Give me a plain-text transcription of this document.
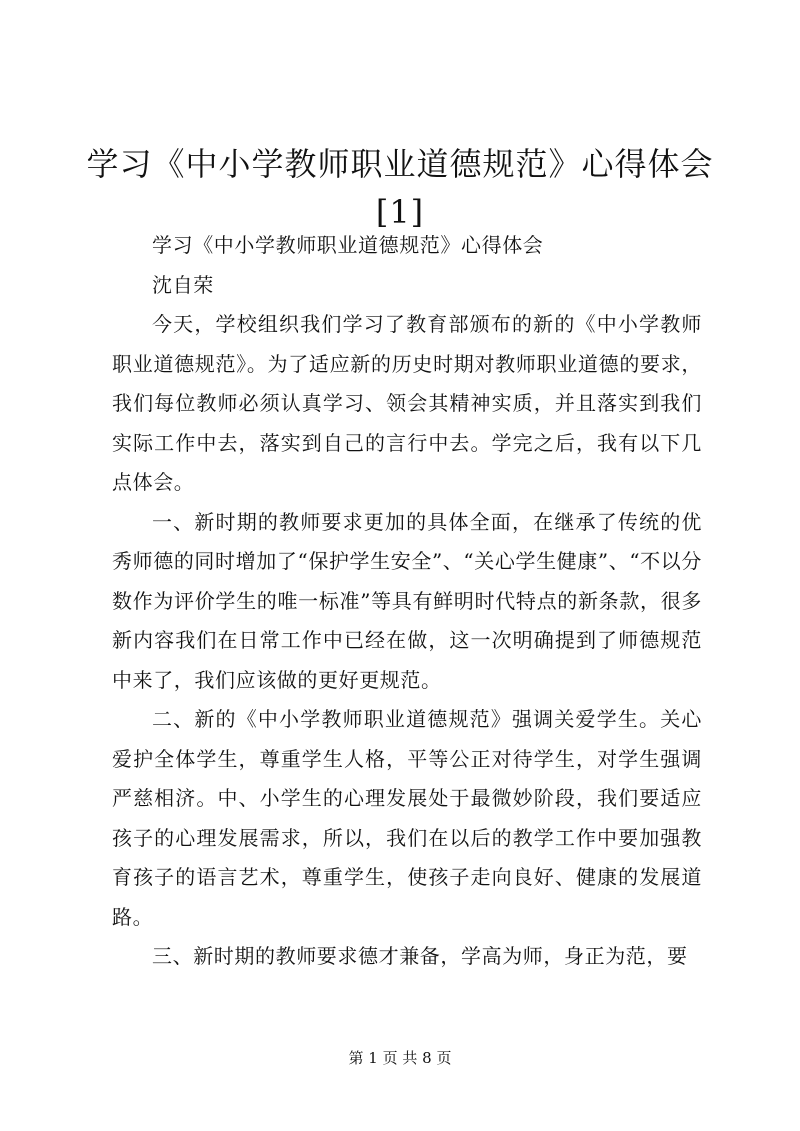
学习《中小学教师职业道德规范》心得体会
[1]

学习《中小学教师职业道德规范》心得体会

沈自荣

今天，学校组织我们学习了教育部颁布的新的《中小学教师职业道德规范》。为了适应新的历史时期对教师职业道德的要求，我们每位教师必须认真学习、领会其精神实质，并且落实到我们实际工作中去，落实到自己的言行中去。学完之后，我有以下几点体会。

一、新时期的教师要求更加的具体全面，在继承了传统的优秀师德的同时增加了“保护学生安全”、“关心学生健康”、“不以分数作为评价学生的唯一标准”等具有鲜明时代特点的新条款，很多新内容我们在日常工作中已经在做，这一次明确提到了师德规范中来了，我们应该做的更好更规范。

二、新的《中小学教师职业道德规范》强调关爱学生。关心爱护全体学生，尊重学生人格，平等公正对待学生，对学生强调严慈相济。中、小学生的心理发展处于最微妙阶段，我们要适应孩子的心理发展需求，所以，我们在以后的教学工作中要加强教育孩子的语言艺术，尊重学生，使孩子走向良好、健康的发展道路。

三、新时期的教师要求德才兼备，学高为师，身正为范，要

第 1 页 共 8 页
